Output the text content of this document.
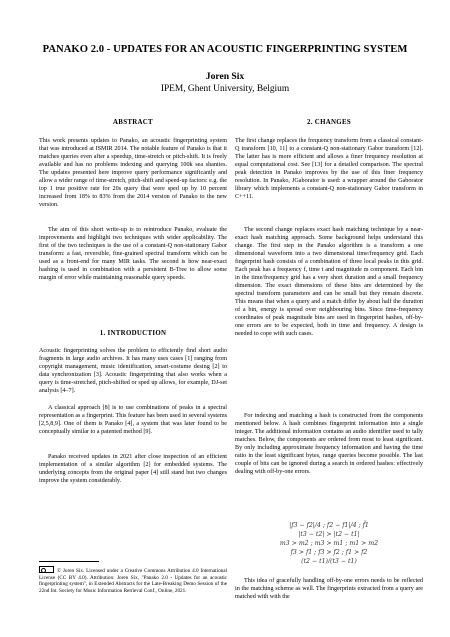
PANAKO 2.0 - UPDATES FOR AN ACOUSTIC FINGERPRINTING SYSTEM
Joren Six
IPEM, Ghent University, Belgium
ABSTRACT
This work presents updates to Panako, an acoustic fingerprinting system that was introduced at ISMIR 2014. The notable feature of Panako is that it matches queries even after a speedup, time-stretch or pitch-shift. It is freely available and has no problems indexing and querying 100k sea shanties. The updates presented here improve query performance significantly and allow a wider range of time-stretch, pitch-shift and speed-up factors: e.g. the top 1 true positive rate for 20s query that were sped up by 10 percent increased from 18% to 83% from the 2014 version of Panako to the new version.
The aim of this short write-up is to reintroduce Panako, evaluate the improvements and highlight two techniques with wider applicability. The first of the two techniques is the use of a constant-Q non-stationary Gabor transform: a fast, reversible, fine-grained spectral transform which can be used as a front-end for many MIR tasks. The second is how near-exact hashing is used in combination with a persistent B-Tree to allow some margin of error while maintaining reasonable query speeds.
1. INTRODUCTION
Acoustic fingerprinting solves the problem to efficiently find short audio fragments in large audio archives. It has many uses cases [1] ranging from copyright management, music identification, smart-costume desing [2] to data synchronization [3]. Acoustic fingerprinting that also works when a query is time-stretched, pitch-shifted or sped up allows, for example, DJ-set analysis [4–7].
A classical approach [8] is to use combinations of peaks in a spectral representation as a fingerprint. This feature has been used in several systems [2,5,8,9]. One of them is Panako [4], a system that was later found to be conceptually similar to a patented method [9].
Panako received updates in 2021 after close inspection of an efficient implementation of a similar algorithm [2] for embedded systems. The underlying concepts from the original paper [4] still stand but two changes improve the system considerably.
© Joren Six. Licensed under a Creative Commons Attribution 4.0 International License (CC BY 4.0). Attribution: Joren Six, "Panako 2.0 - Updates for an acoustic fingerprinting system", in Extended Abstracts for the Late-Breaking Demo Session of the 22nd Int. Society for Music Information Retrieval Conf., Online, 2021.
2. CHANGES
The first change replaces the frequency transform from a classical constant-Q transform [10, 11] to a constant-Q non-stationary Gabor transform [12]. The latter has is more efficient and allows a finer frequency resolution at equal computational cost. See [13] for a detailed comparison. The spectral peak detection in Panako improves by the use of this finer frequency resolution. In Panako, JGaborator is used: a wrapper around the Gaborator library which implements a constant-Q non-stationary Gabor transform in C++11.
The second change replaces exact hash matching technique by a near-exact hash matching approach. Some background helps understand this change. The first step in the Panako algorithm is a transform a one dimensional waveform into a two dimensional time/frequency grid. Each fingerprint hash consists of a combination of three local peaks in this grid. Each peak has a frequency f, time t and magnitude m component. Each bin in the time/frequency grid has a very short duration and a small frequency dimension. The exact dimensions of these bins are determined by the spectral transform parameters and can be small but they remain discrete. This means that when a query and a match differ by about half the duration of a bin, energy is spread over neighbouring bins. Since time-frequency coordinates of peak magnitude bins are used in fingerprint hashes, off-by-one errors are to be expected, both in time and frequency. A design is needed to cope with such cases.
For indexing and matching a hash is constructed from the components mentioned below. A hash combines fingerprint information into a single integer. The additional information contains an audio identifier used to tally matches. Below, the components are ordered from most to least significant. By only including approximate frequency information and having the time ratio in the least significant bytes, range queries become possible. The last couple of bits can be ignored during a search in ordered hashes: effectively dealing with off-by-one errors.
|f3 − f2|/4 ; f2 − f1|/4 ; f̃1
|t3 − t2| > |t2 − t1|
m3 > m2 ; m3 > m1 ; m1 > m2
f3 > f1 ; f3 > f2 ; f1 > f2
(t2 − t1)/(t3 − t1)
This idea of gracefully handling off-by-one errors needs to be reflected in the matching scheme as well. The fingerprints extracted from a query are matched with with the
